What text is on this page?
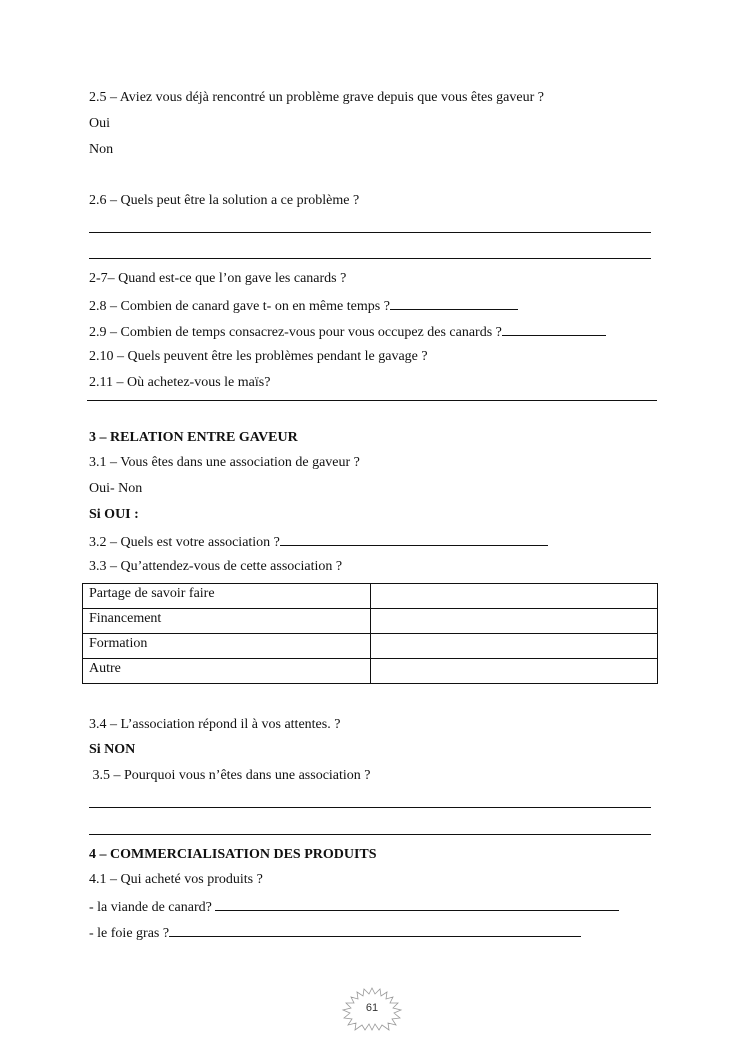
2.5 – Aviez vous déjà rencontré un problème grave depuis que vous êtes gaveur ?
Oui
Non
2.6 – Quels peut être la solution a ce problème ?
2-7– Quand est-ce que l’on gave les canards ?
2.8 – Combien de canard gave t- on en même temps ?
2.9 – Combien de temps consacrez-vous pour vous occupez des canards ?
2.10 – Quels peuvent être les problèmes pendant le gavage ?
2.11 – Où achetez-vous le maïs?
3 – RELATION ENTRE GAVEUR
3.1 – Vous êtes dans une association de gaveur ?
Oui- Non
Si OUI :
3.2 – Quels est votre association ?
3.3 – Qu’attendez-vous de cette association ?
Partage de savoir faire	
Financement	
Formation	
Autre	
3.4 – L’association répond il à vos attentes. ?
Si NON
3.5 – Pourquoi vous n’êtes dans une association ?
4 – COMMERCIALISATION DES PRODUITS
4.1 – Qui acheté vos produits ?
- la viande de canard?
- le foie gras ?
61
